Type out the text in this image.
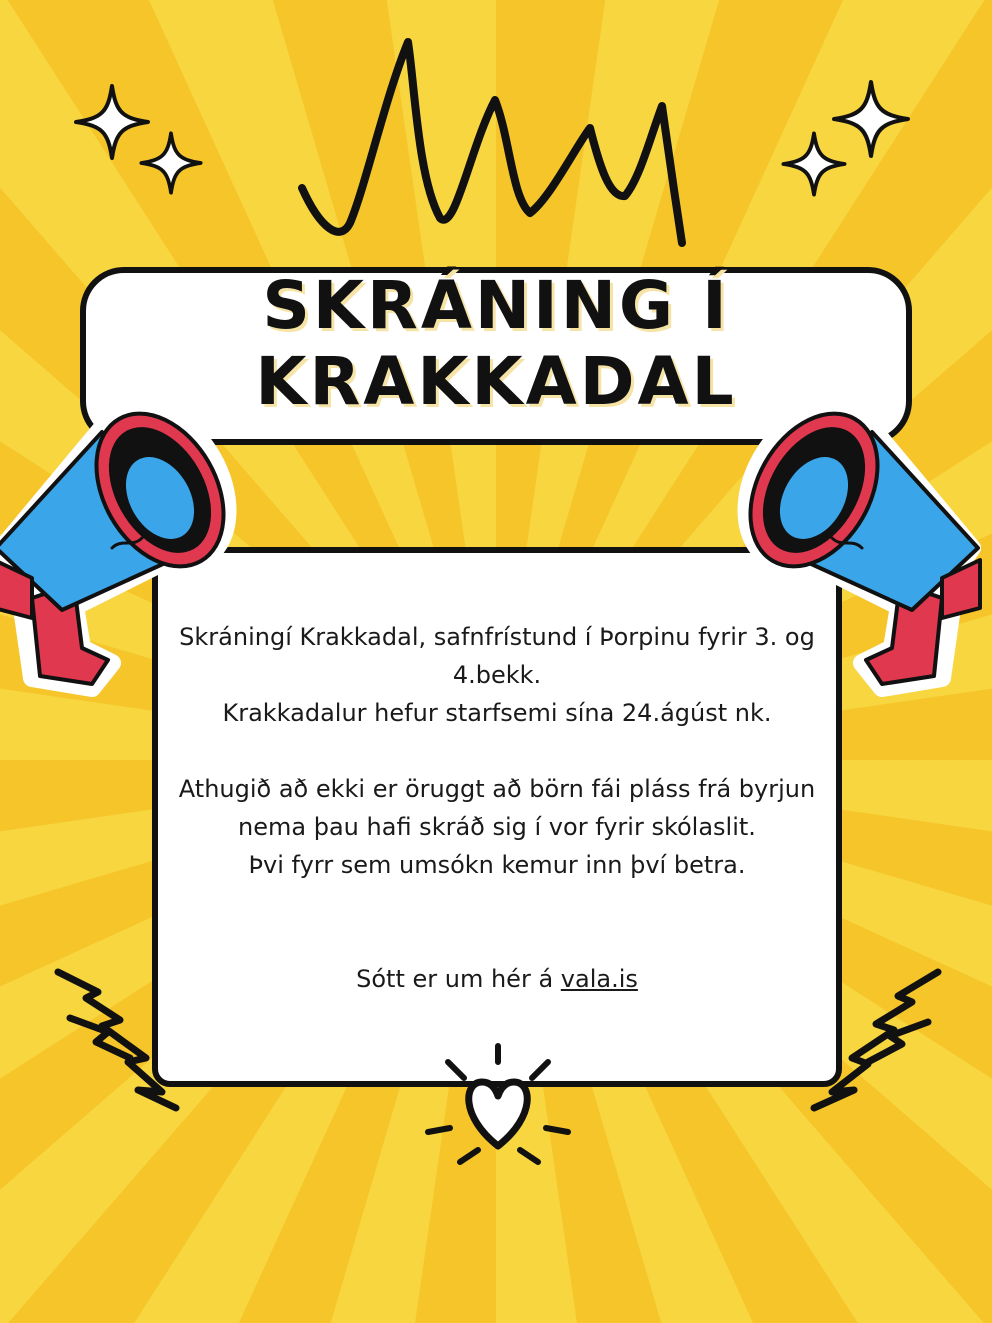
SKRÁNING Í
KRAKKADAL

Skráningí Krakkadal, safnfrístund í Þorpinu fyrir 3. og

4.bekk.

Krakkadalur hefur starfsemi sína 24.ágúst nk.

Athugið að ekki er öruggt að börn fái pláss frá byrjun

nema þau hafi skráð sig í vor fyrir skólaslit.

Þvi fyrr sem umsókn kemur inn því betra.

Sótt er um hér á vala.is
